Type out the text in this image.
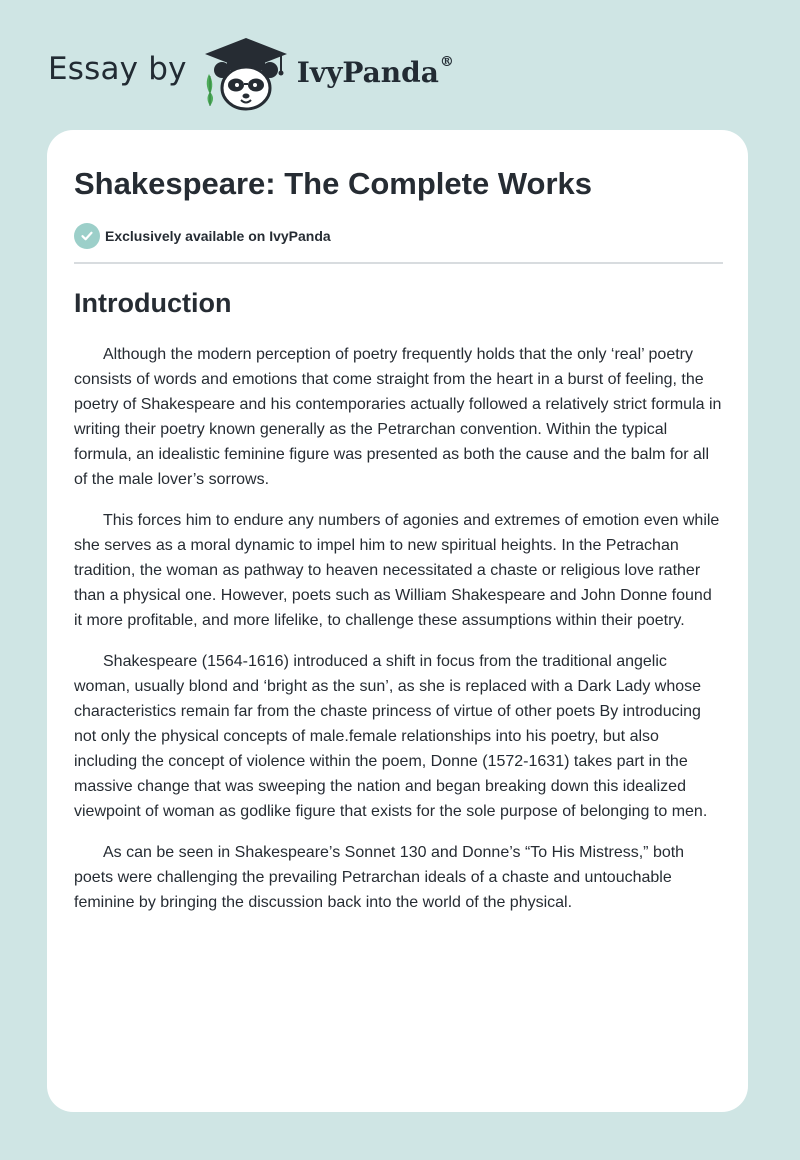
Essay by	IvyPanda®
Shakespeare: The Complete Works
Exclusively available on IvyPanda
Introduction

Although the modern perception of poetry frequently holds that the only ‘real’ poetry consists of words and emotions that come straight from the heart in a burst of feeling, the poetry of Shakespeare and his contemporaries actually followed a relatively strict formula in writing their poetry known generally as the Petrarchan convention. Within the typical formula, an idealistic feminine figure was presented as both the cause and the balm for all of the male lover’s sorrows.

This forces him to endure any numbers of agonies and extremes of emotion even while she serves as a moral dynamic to impel him to new spiritual heights. In the Petrachan tradition, the woman as pathway to heaven necessitated a chaste or religious love rather than a physical one. However, poets such as William Shakespeare and John Donne found it more profitable, and more lifelike, to challenge these assumptions within their poetry.

Shakespeare (1564-1616) introduced a shift in focus from the traditional angelic woman, usually blond and ‘bright as the sun’, as she is replaced with a Dark Lady whose characteristics remain far from the chaste princess of virtue of other poets By introducing not only the physical concepts of male.female relationships into his poetry, but also including the concept of violence within the poem, Donne (1572-1631) takes part in the massive change that was sweeping the nation and began breaking down this idealized viewpoint of woman as godlike figure that exists for the sole purpose of belonging to men.

As can be seen in Shakespeare’s Sonnet 130 and Donne’s “To His Mistress,” both poets were challenging the prevailing Petrarchan ideals of a chaste and untouchable feminine by bringing the discussion back into the world of the physical.
